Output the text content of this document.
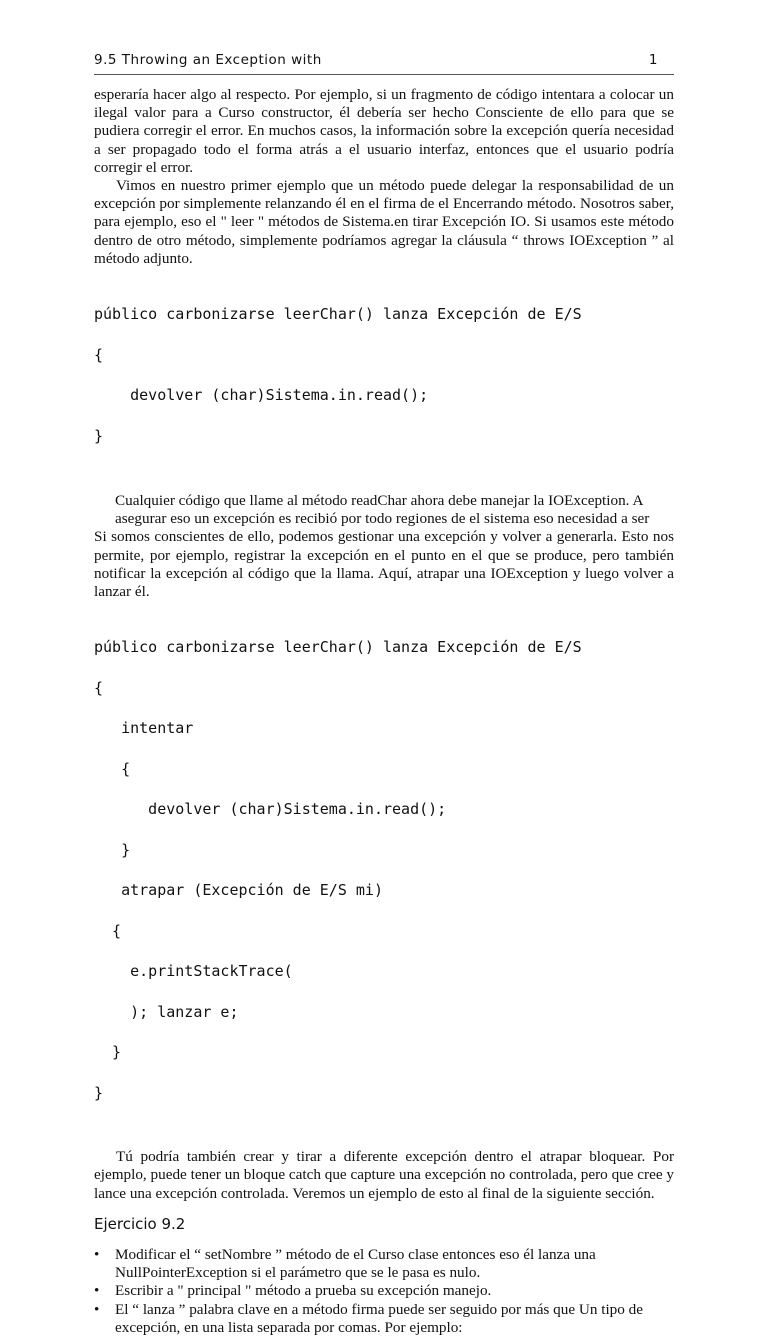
9.5 Throwing an Exception with	1

esperaría hacer algo al respecto. Por ejemplo, si un fragmento de código intentara a colocar un ilegal valor para a Curso constructor, él debería ser hecho Consciente de ello para que se pudiera corregir el error. En muchos casos, la información sobre la excepción quería necesidad a ser propagado todo el forma atrás a el usuario interfaz, entonces que el usuario podría corregir el error.

Vimos en nuestro primer ejemplo que un método puede delegar la responsabilidad de un excepción por simplemente relanzando él en el firma de el Encerrando método. Nosotros saber, para ejemplo, eso el " leer " métodos de Sistema.en tirar Excepción IO. Si usamos este método dentro de otro método, simplemente podríamos agregar la cláusula “ throws IOException ” al método adjunto.

público carbonizarse leerChar() lanza Excepción de E/S

{

devolver (char)Sistema.in.read();

}

Cualquier código que llame al método readChar ahora debe manejar la IOException. A asegurar eso un excepción es recibió por todo regiones de el sistema eso necesidad a ser

Si somos conscientes de ello, podemos gestionar una excepción y volver a generarla. Esto nos permite, por ejemplo, registrar la excepción en el punto en el que se produce, pero también notificar la excepción al código que la llama. Aquí, atrapar una IOException y luego volver a lanzar él.

público carbonizarse leerChar() lanza Excepción de E/S

{

intentar

{

devolver (char)Sistema.in.read();

}

atrapar (Excepción de E/S mi)

{

e.printStackTrace(

); lanzar e;

}

}

Tú podría también crear y tirar a diferente excepción dentro el atrapar bloquear. Por ejemplo, puede tener un bloque catch que capture una excepción no controlada, pero que cree y lance una excepción controlada. Veremos un ejemplo de esto al final de la siguiente sección.

Ejercicio 9.2
• Modificar el “ setNombre ” método de el Curso clase entonces eso él lanza una NullPointerException si el parámetro que se le pasa es nulo.
• Escribir a " principal " método a prueba su excepción manejo.
• El “ lanza ” palabra clave en a método firma puede ser seguido por más que Un tipo de excepción, en una lista separada por comas. Por ejemplo:
